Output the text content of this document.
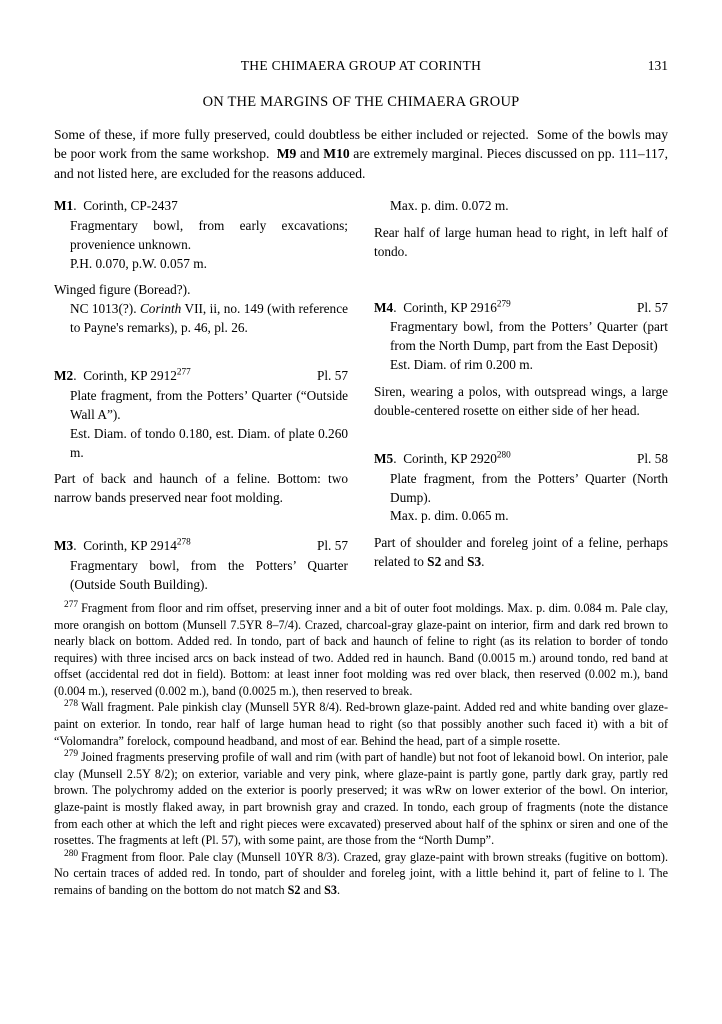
THE CHIMAERA GROUP AT CORINTH	131
ON THE MARGINS OF THE CHIMAERA GROUP
Some of these, if more fully preserved, could doubtless be either included or rejected.  Some of the bowls may be poor work from the same workshop.  M9 and M10 are extremely marginal. Pieces discussed on pp. 111–117, and not listed here, are excluded for the reasons adduced.
M1.  Corinth, CP-2437
Fragmentary bowl, from early excavations; provenience unknown.
P.H. 0.070, p.W. 0.057 m.
Winged figure (Boread?).
NC 1013(?). Corinth VII, ii, no. 149 (with reference to Payne's remarks), p. 46, pl. 26.
M2.  Corinth, KP 2912$^{277}$	Pl. 57
Plate fragment, from the Potters’ Quarter (“Outside Wall A”).
Est. Diam. of tondo 0.180, est. Diam. of plate 0.260 m.
Part of back and haunch of a feline. Bottom: two narrow bands preserved near foot molding.
M3.  Corinth, KP 2914$^{278}$	Pl. 57
Fragmentary bowl, from the Potters’ Quarter (Outside South Building).
Max. p. dim. 0.072 m.
Rear half of large human head to right, in left half of tondo.
M4.  Corinth, KP 2916$^{279}$	Pl. 57
Fragmentary bowl, from the Potters’ Quarter (part from the North Dump, part from the East Deposit)
Est. Diam. of rim 0.200 m.
Siren, wearing a polos, with outspread wings, a large double-centered rosette on either side of her head.
M5.  Corinth, KP 2920$^{280}$	Pl. 58
Plate fragment, from the Potters’ Quarter (North Dump).
Max. p. dim. 0.065 m.
Part of shoulder and foreleg joint of a feline, perhaps related to S2 and S3.
$^{277}$ Fragment from floor and rim offset, preserving inner and a bit of outer foot moldings. Max. p. dim. 0.084 m. Pale clay, more orangish on bottom (Munsell 7.5YR 8–7/4). Crazed, charcoal-gray glaze-paint on interior, firm and dark red brown to nearly black on bottom. Added red. In tondo, part of back and haunch of feline to right (as its relation to border of tondo requires) with three incised arcs on back instead of two. Added red in haunch. Band (0.0015 m.) around tondo, red band at offset (accidental red dot in field). Bottom: at least inner foot molding was red over black, then reserved (0.002 m.), band (0.004 m.), reserved (0.002 m.), band (0.0025 m.), then reserved to break.
$^{278}$ Wall fragment. Pale pinkish clay (Munsell 5YR 8/4). Red-brown glaze-paint. Added red and white banding over glaze-paint on exterior. In tondo, rear half of large human head to right (so that possibly another such faced it) with a bit of “Volomandra” forelock, compound headband, and most of ear. Behind the head, part of a simple rosette.
$^{279}$ Joined fragments preserving profile of wall and rim (with part of handle) but not foot of lekanoid bowl. On interior, pale clay (Munsell 2.5Y 8/2); on exterior, variable and very pink, where glaze-paint is partly gone, partly dark gray, partly red brown. The polychromy added on the exterior is poorly preserved; it was wRw on lower exterior of the bowl. On interior, glaze-paint is mostly flaked away, in part brownish gray and crazed. In tondo, each group of fragments (note the distance from each other at which the left and right pieces were excavated) preserved about half of the sphinx or siren and one of the rosettes. The fragments at left (Pl. 57), with some paint, are those from the “North Dump”.
$^{280}$ Fragment from floor. Pale clay (Munsell 10YR 8/3). Crazed, gray glaze-paint with brown streaks (fugitive on bottom). No certain traces of added red. In tondo, part of shoulder and foreleg joint, with a little behind it, part of feline to l. The remains of banding on the bottom do not match S2 and S3.
